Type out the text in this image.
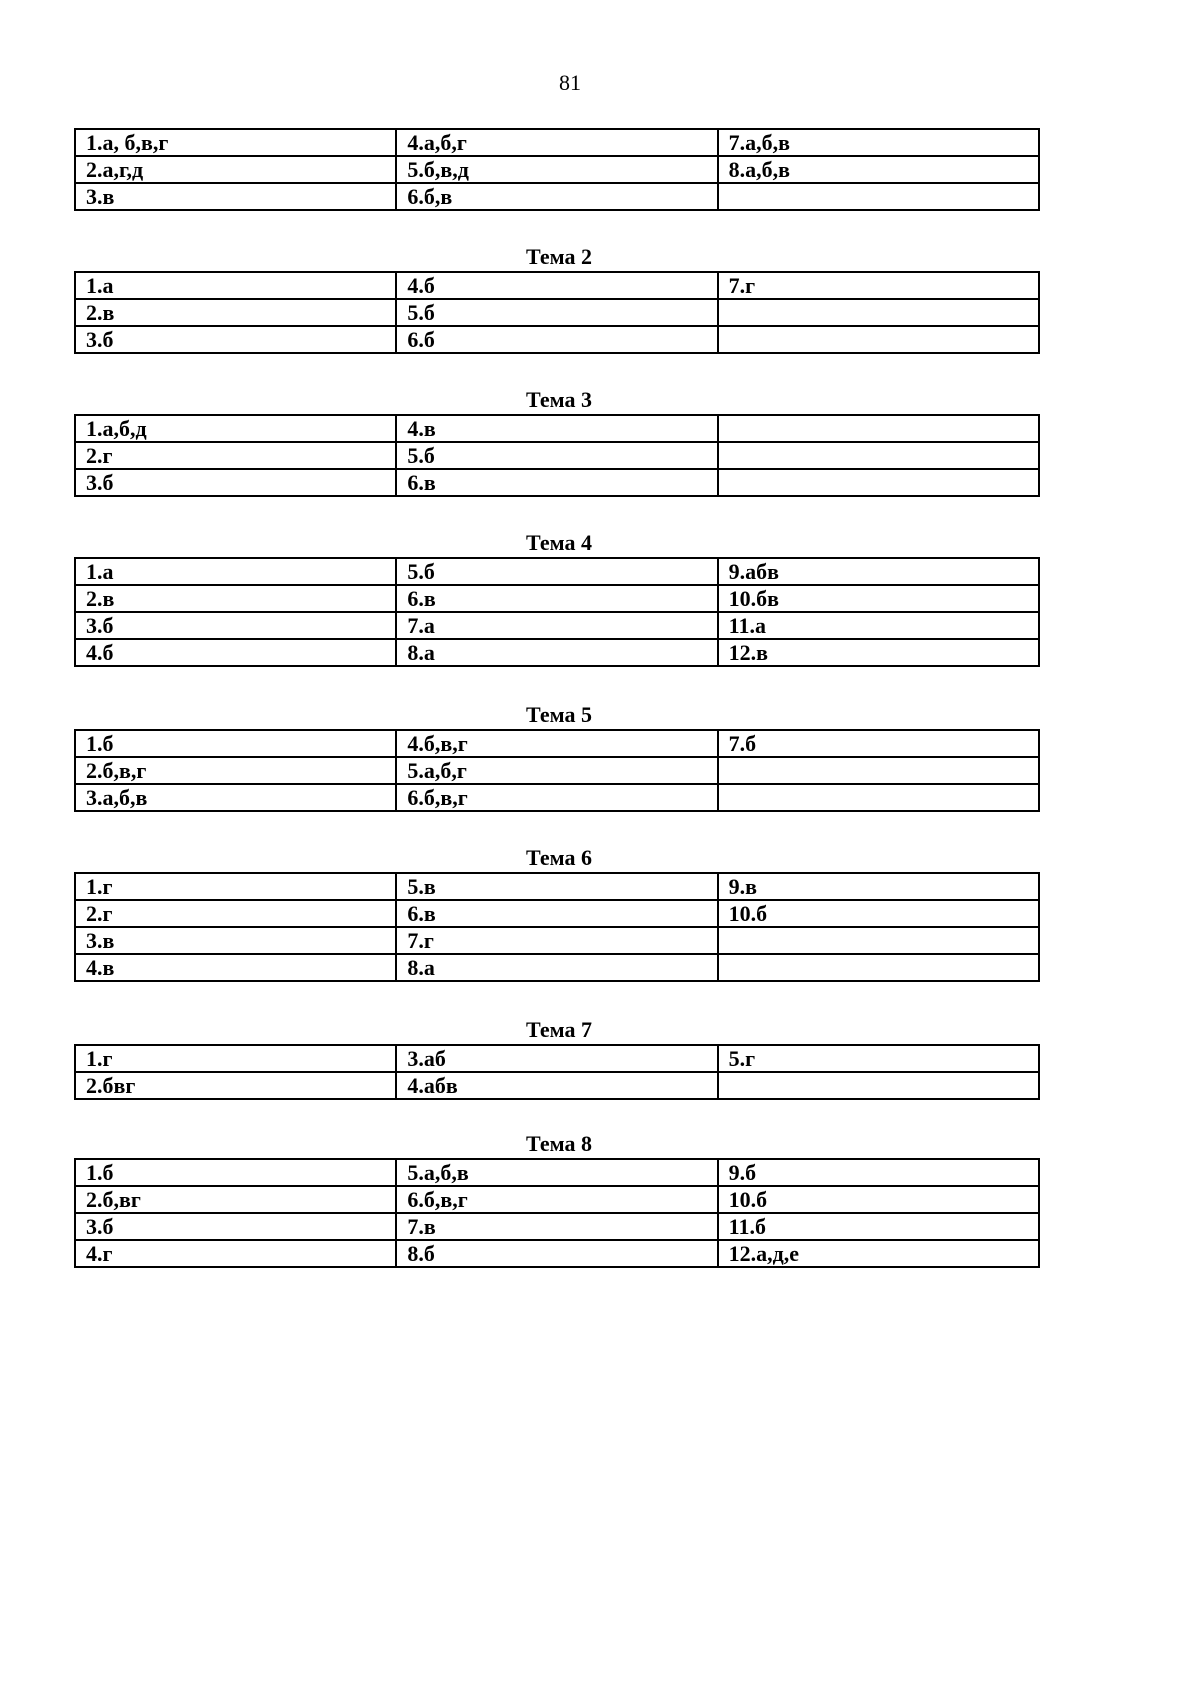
81
1.а, б,в,г	4.а,б,г	7.а,б,в
2.а,г,д	5.б,в,д	8.а,б,в
3.в	6.б,в	
Тема 2
1.а	4.б	7.г
2.в	5.б	
3.б	6.б	
Тема 3
1.а,б,д	4.в	
2.г	5.б	
3.б	6.в	
Тема 4
1.а	5.б	9.абв
2.в	6.в	10.бв
3.б	7.а	11.а
4.б	8.а	12.в
Тема 5
1.б	4.б,в,г	7.б
2.б,в,г	5.а,б,г	
3.а,б,в	6.б,в,г	
Тема 6
1.г	5.в	9.в
2.г	6.в	10.б
3.в	7.г	
4.в	8.а	
Тема 7
1.г	3.аб	5.г
2.бвг	4.абв	
Тема 8
1.б	5.а,б,в	9.б
2.б,вг	6.б,в,г	10.б
3.б	7.в	11.б
4.г	8.б	12.а,д,е
